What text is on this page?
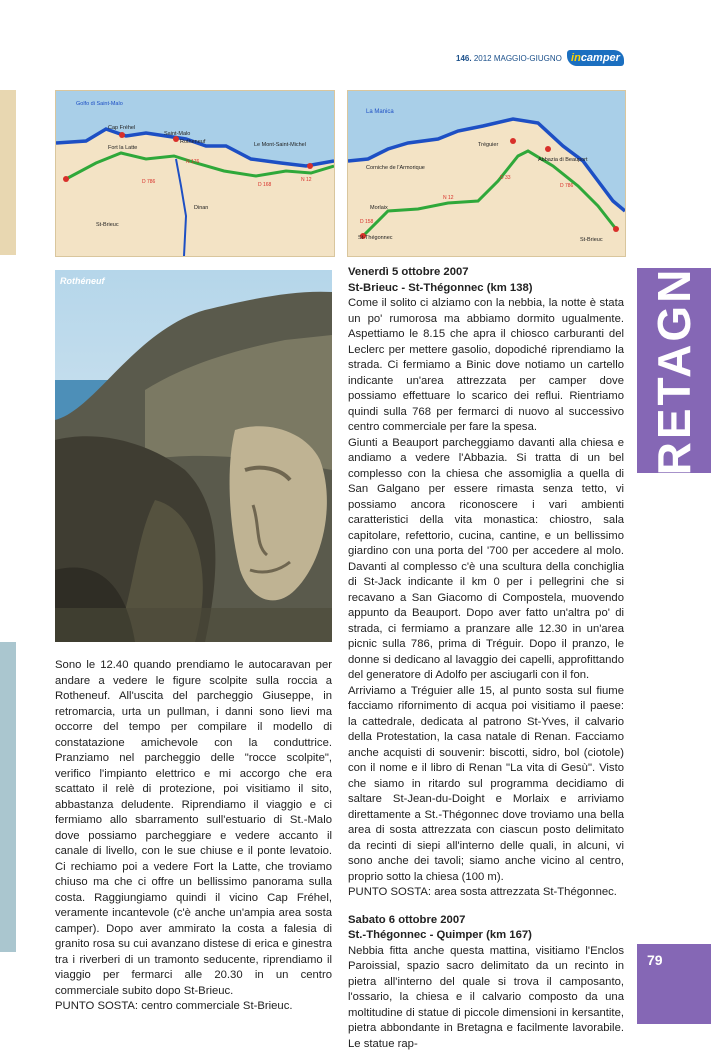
146. 2012 MAGGIO-GIUGNO incamper
Golfo di Saint-Malo
Cap Fréhel
Fort la Latte
Saint-Malo
Rotheneuf	Le Mont-Saint-Michel
Dinan
St-Brieuc
N 176
D 786	D 168
N 12
La Manica
Corniche de l'Armorique
Tréguier
Abbazia di Beauport
Morlaix
D 158
St-Thégonnec
N 12
D 786
D 33
St-Brieuc
Rothéneuf

Sono le 12.40 quando prendiamo le autocaravan per andare a vedere le figure scolpite sulla roccia a Rotheneuf. All'uscita del parcheggio Giuseppe, in retromarcia, urta un pullman, i danni sono lievi ma occorre del tempo per compilare il modello di constatazione amichevole con la conduttrice. Pranziamo nel parcheggio delle "rocce scolpite", verifico l'impianto elettrico e mi accorgo che era scattato il relè di protezione, poi visitiamo il sito, abbastanza deludente. Riprendiamo il viaggio e ci fermiamo allo sbarramento sull'estuario di St.-Malo dove possiamo parcheggiare e vedere accanto il canale di livello, con le sue chiuse e il ponte levatoio. Ci rechiamo poi a vedere Fort la Latte, che troviamo chiuso ma che ci offre un bellissimo panorama sulla costa. Raggiungiamo quindi il vicino Cap Fréhel, veramente incantevole (c'è anche un'ampia area sosta camper). Dopo aver ammirato la costa a falesia di granito rosa su cui avanzano distese di erica e ginestra tra i riverberi di un tramonto seducente, riprendiamo il viaggio per fermarci alle 20.30 in un centro commerciale subito dopo St-Brieuc.

PUNTO SOSTA: centro commerciale St-Brieuc.

Venerdì 5 ottobre 2007

St-Brieuc - St-Thégonnec (km 138)

Come il solito ci alziamo con la nebbia, la notte è stata un po' rumorosa ma abbiamo dormito ugualmente. Aspettiamo le 8.15 che apra il chiosco carburanti del Leclerc per mettere gasolio, dopodiché riprendiamo la strada. Ci fermiamo a Binic dove notiamo un cartello indicante un'area attrezzata per camper dove possiamo effettuare lo scarico dei reflui. Rientriamo quindi sulla 768 per fermarci di nuovo al successivo centro commerciale per fare la spesa.

Giunti a Beauport parcheggiamo davanti alla chiesa e andiamo a vedere l'Abbazia. Si tratta di un bel complesso con la chiesa che assomiglia a quella di San Galgano per essere rimasta senza tetto, vi possiamo ancora riconoscere i vari ambienti caratteristici della vita monastica: chiostro, sala capitolare, refettorio, cucina, cantine, e un bellissimo giardino con una porta del '700 per accedere al molo. Davanti al complesso c'è una scultura della conchiglia di St-Jack indicante il km 0 per i pellegrini che si recavano a San Giacomo di Compostela, muovendo appunto da Beauport. Dopo aver fatto un'altra po' di strada, ci fermiamo a pranzare alle 12.30 in un'area picnic sulla 786, prima di Tréguir. Dopo il pranzo, le donne si dedicano al lavaggio dei capelli, approfittando del generatore di Adolfo per asciugarli con il fon.

Arriviamo a Tréguier alle 15, al punto sosta sul fiume facciamo rifornimento di acqua poi visitiamo il paese: la cattedrale, dedicata al patrono St-Yves, il calvario della Protestation, la casa natale di Renan. Facciamo anche acquisti di souvenir: biscotti, sidro, bol (ciotole) con il nome e il libro di Renan "La vita di Gesù". Visto che siamo in ritardo sul programma decidiamo di saltare St-Jean-du-Doight e Morlaix e arriviamo direttamente a St.-Thégonnec dove troviamo una bella area di sosta attrezzata con ciascun posto delimitato da recinti di siepi all'interno delle quali, in alcuni, vi sono anche dei tavoli; siamo anche vicino al centro, proprio sotto la chiesa (100 m).

PUNTO SOSTA: area sosta attrezzata St-Thégonnec.

Sabato 6 ottobre 2007

St.-Thégonnec - Quimper (km 167)

Nebbia fitta anche questa mattina, visitiamo l'Enclos Paroissial, spazio sacro delimitato da un recinto in pietra all'interno del quale si trova il camposanto, l'ossario, la chiesa e il calvario composto da una moltitudine di statue di piccole dimensioni in kersantite, pietra abbondante in Bretagna e facilmente lavorabile. Le statue rap-

BRETAGNA
79
